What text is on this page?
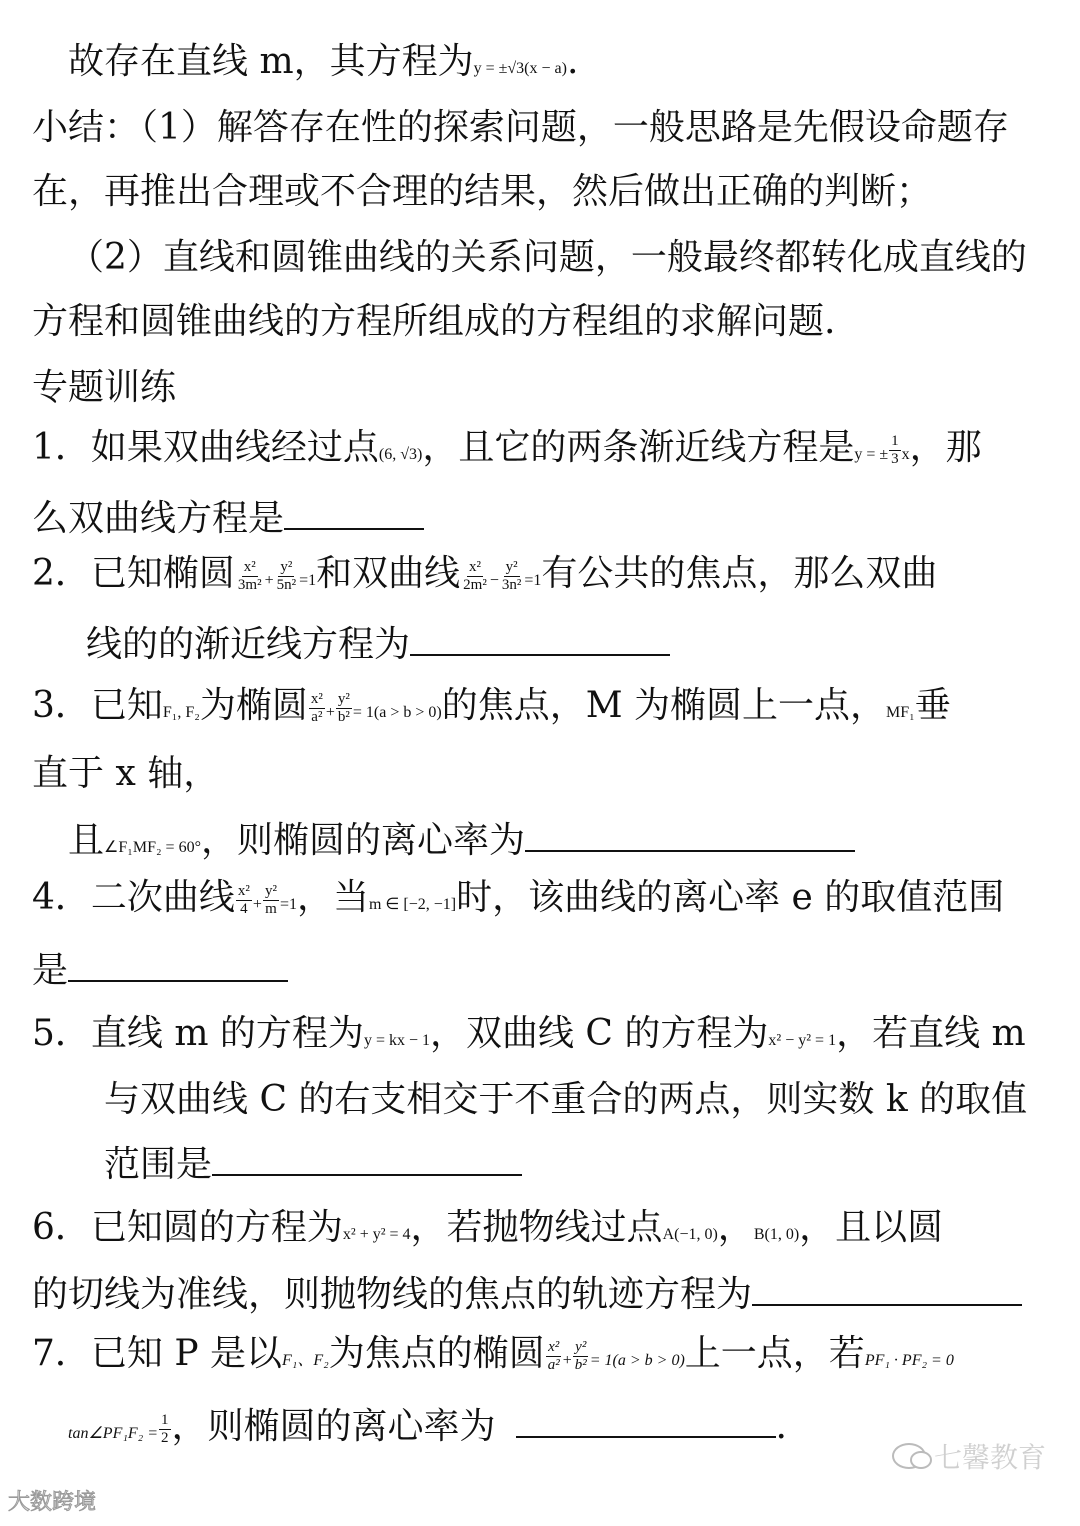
故存在直线 m，其方程为y = ±√3(x − a).
小结：（1）解答存在性的探索问题，一般思路是先假设命题存
在，再推出合理或不合理的结果，然后做出正确的判断；
（2）直线和圆锥曲线的关系问题，一般最终都转化成直线的
方程和圆锥曲线的方程所组成的方程组的求解问题.
专题训练
1．如果双曲线经过点(6, √3)，且它的两条渐近线方程是y = ± $\frac{1}{3}$ x，那
么双曲线方程是
2．已知椭圆 $\frac{\text{x²}}{\text{3m²}} + \frac{\text{y²}}{\text{5n²}} =1$和双曲线 $\frac{\text{x²}}{\text{2m²}} - \frac{\text{y²}}{\text{3n²}} =1$有公共的焦点，那么双曲
线的的渐近线方程为
3．已知F₁, F₂为椭圆 $\frac{\text{x²}}{\text{a²}} + \frac{\text{y²}}{\text{b²}} = 1(a > b > 0)$的焦点，M 为椭圆上一点，MF₁垂
直于 x 轴，
且∠F₁MF₂ = 60°，则椭圆的离心率为
4．二次曲线 $\frac{\text{x²}}{4} + \frac{\text{y²}}{m} =1$，当m ∈ [−2, −1]时，该曲线的离心率 e 的取值范围
是
5．直线 m 的方程为y = kx − 1，双曲线 C 的方程为x² − y² = 1，若直线 m
与双曲线 C 的右支相交于不重合的两点，则实数 k 的取值
范围是
6．已知圆的方程为x² + y² = 4，若抛物线过点A(−1, 0)，B(1, 0)，且以圆
的切线为准线，则抛物线的焦点的轨迹方程为
7．已知 P 是以F₁、F₂为焦点的椭圆 $\frac{\text{x²}}{\text{a²}} + \frac{\text{y²}}{\text{b²}} = 1(a > b > 0)$上一点，若PF₁ · PF₂ = 0
tan∠PF₁F₂ = $\frac{1}{2}$ ，则椭圆的离心率为	.
七馨教育
大数跨境
